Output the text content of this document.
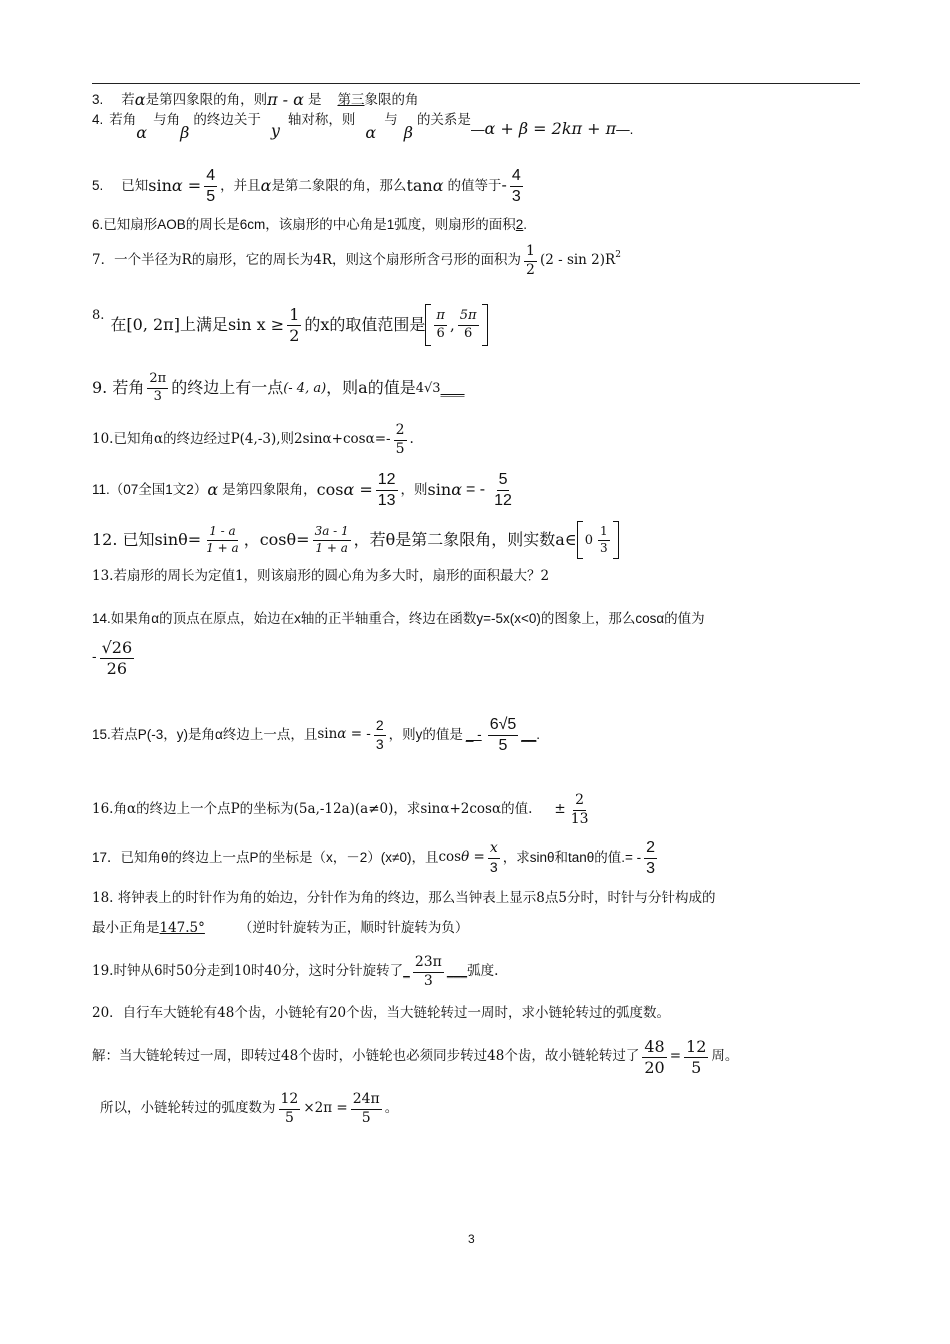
3. 若 α 是第四象限的角，则 π - α 是 第三 象限的角
4. 若角
α
与角
β
的终边关于
y
轴对称，则
α
与
β
的关系是
—α + β = 2kπ + π—.
5. 已知 $\sin\alpha = \frac{4}{5}$ ，并且 α 是第二象限的角，那么 tanα 的值等于 - $\frac{4}{3}$
6.已知扇形AOB的周长是6cm，该扇形的中心角是1弧度，则扇形的面积 2 .
7．一个半径为R的扇形，它的周长为4R，则这个扇形所含弓形的面积为 $\frac{1}{2} (2$ - $\sin 2)R^2$
8. 在[0, 2π]上满足$\sin x \ge \frac{1}{2}$ 的x的取值范围是 $\frac{\pi}{6}$ , $\frac{5\pi}{6}$
9. 若角 $\frac{2\pi}{3}$ 的终边上有一点 (- 4, a) ，则a的值是 4√3 ___
10.已知角α的终边经过P(4,-3),则$2\sin\alpha+\cos\alpha=- \frac{2}{5}$ .
11.（07全国1文2） α 是第四象限角， $\cos\alpha = \frac{12}{13}$ ，则 sinα = - $\frac{5}{12}$
12. 已知$\sin\theta= \frac{1 - a}{1 + a}$ ，$\cos\theta= \frac{3a - 1}{1 + a}$ ，若θ是第二象限角，则实数a∈ $0 \frac{1}{3}$
13.若扇形的周长为定值1，则该扇形的圆心角为多大时，扇形的面积最大？2
14.如果角α的顶点在原点，始边在x轴的正半轴重合，终边在函数y=-5x(x<0)的图象上，那么cosα的值为
- $\frac{√26}{26}$
15.若点P(-3，y)是角α终边上一点，且 sinα = - $\frac{2}{3}$ ，则y的值是 _ - $\frac{6√5}{5}$ __ .
16.角α的终边上一个点P的坐标为(5a,-12a)(a≠0)，求sinα+2cosα的值. ± $\frac{2}{13}$
17．已知角θ的终边上一点P的坐标是（x，－2）(x≠0)，且 $\cos\theta = \frac{x}{3}$ ，求sinθ和tanθ的值. = - $\frac{2}{3}$
18. 将钟表上的时针作为角的始边，分针作为角的终边，那么当钟表上显示8点5分时，时针与分针构成的
最小正角是 147.5°	（逆时针旋转为正，顺时针旋转为负）
19.时钟从6时50分走到10时40分，这时分针旋转了 _ $\frac{23\pi}{3}$ ___ 弧度.
20．自行车大链轮有48个齿，小链轮有20个齿，当大链轮转过一周时，求小链轮转过的弧度数。
解：当大链轮转过一周，即转过48个齿时，小链轮也必须同步转过48个齿，故小链轮转过了 $\frac{48}{20} = \frac{12}{5}$ 周。
所以，小链轮转过的弧度数为 $\frac{12}{5} \times 2\pi = \frac{24\pi}{5}$ 。
3
